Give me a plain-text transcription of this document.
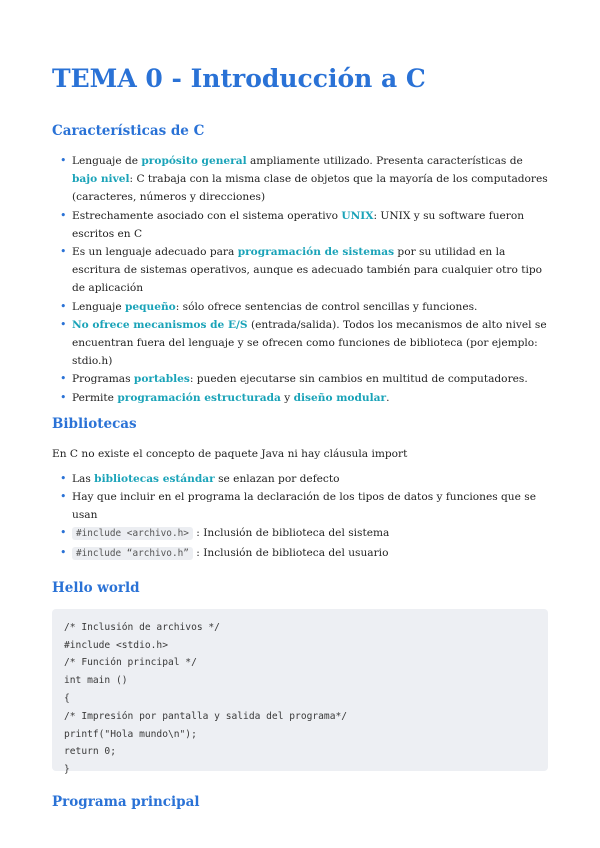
TEMA 0 - Introducción a C
Características de C
• Lenguaje de propósito general ampliamente utilizado. Presenta características de bajo nivel: C trabaja con la misma clase de objetos que la mayoría de los computadores (caracteres, números y direcciones)
• Estrechamente asociado con el sistema operativo UNIX: UNIX y su software fueron escritos en C
• Es un lenguaje adecuado para programación de sistemas por su utilidad en la escritura de sistemas operativos, aunque es adecuado también para cualquier otro tipo de aplicación
• Lenguaje pequeño: sólo ofrece sentencias de control sencillas y funciones.
• No ofrece mecanismos de E/S (entrada/salida). Todos los mecanismos de alto nivel se encuentran fuera del lenguaje y se ofrecen como funciones de biblioteca (por ejemplo: stdio.h)
• Programas portables: pueden ejecutarse sin cambios en multitud de computadores.
• Permite programación estructurada y diseño modular.
Bibliotecas

En C no existe el concepto de paquete Java ni hay cláusula import

• Las bibliotecas estándar se enlazan por defecto
• Hay que incluir en el programa la declaración de los tipos de datos y funciones que se usan
• #include <archivo.h> : Inclusión de biblioteca del sistema
• #include “archivo.h” : Inclusión de biblioteca del usuario
Hello world
/* Inclusión de archivos */
#include <stdio.h>
/* Función principal */
int main ()
{
/* Impresión por pantalla y salida del programa*/
printf("Hola mundo\n");
return 0;
}
Programa principal
